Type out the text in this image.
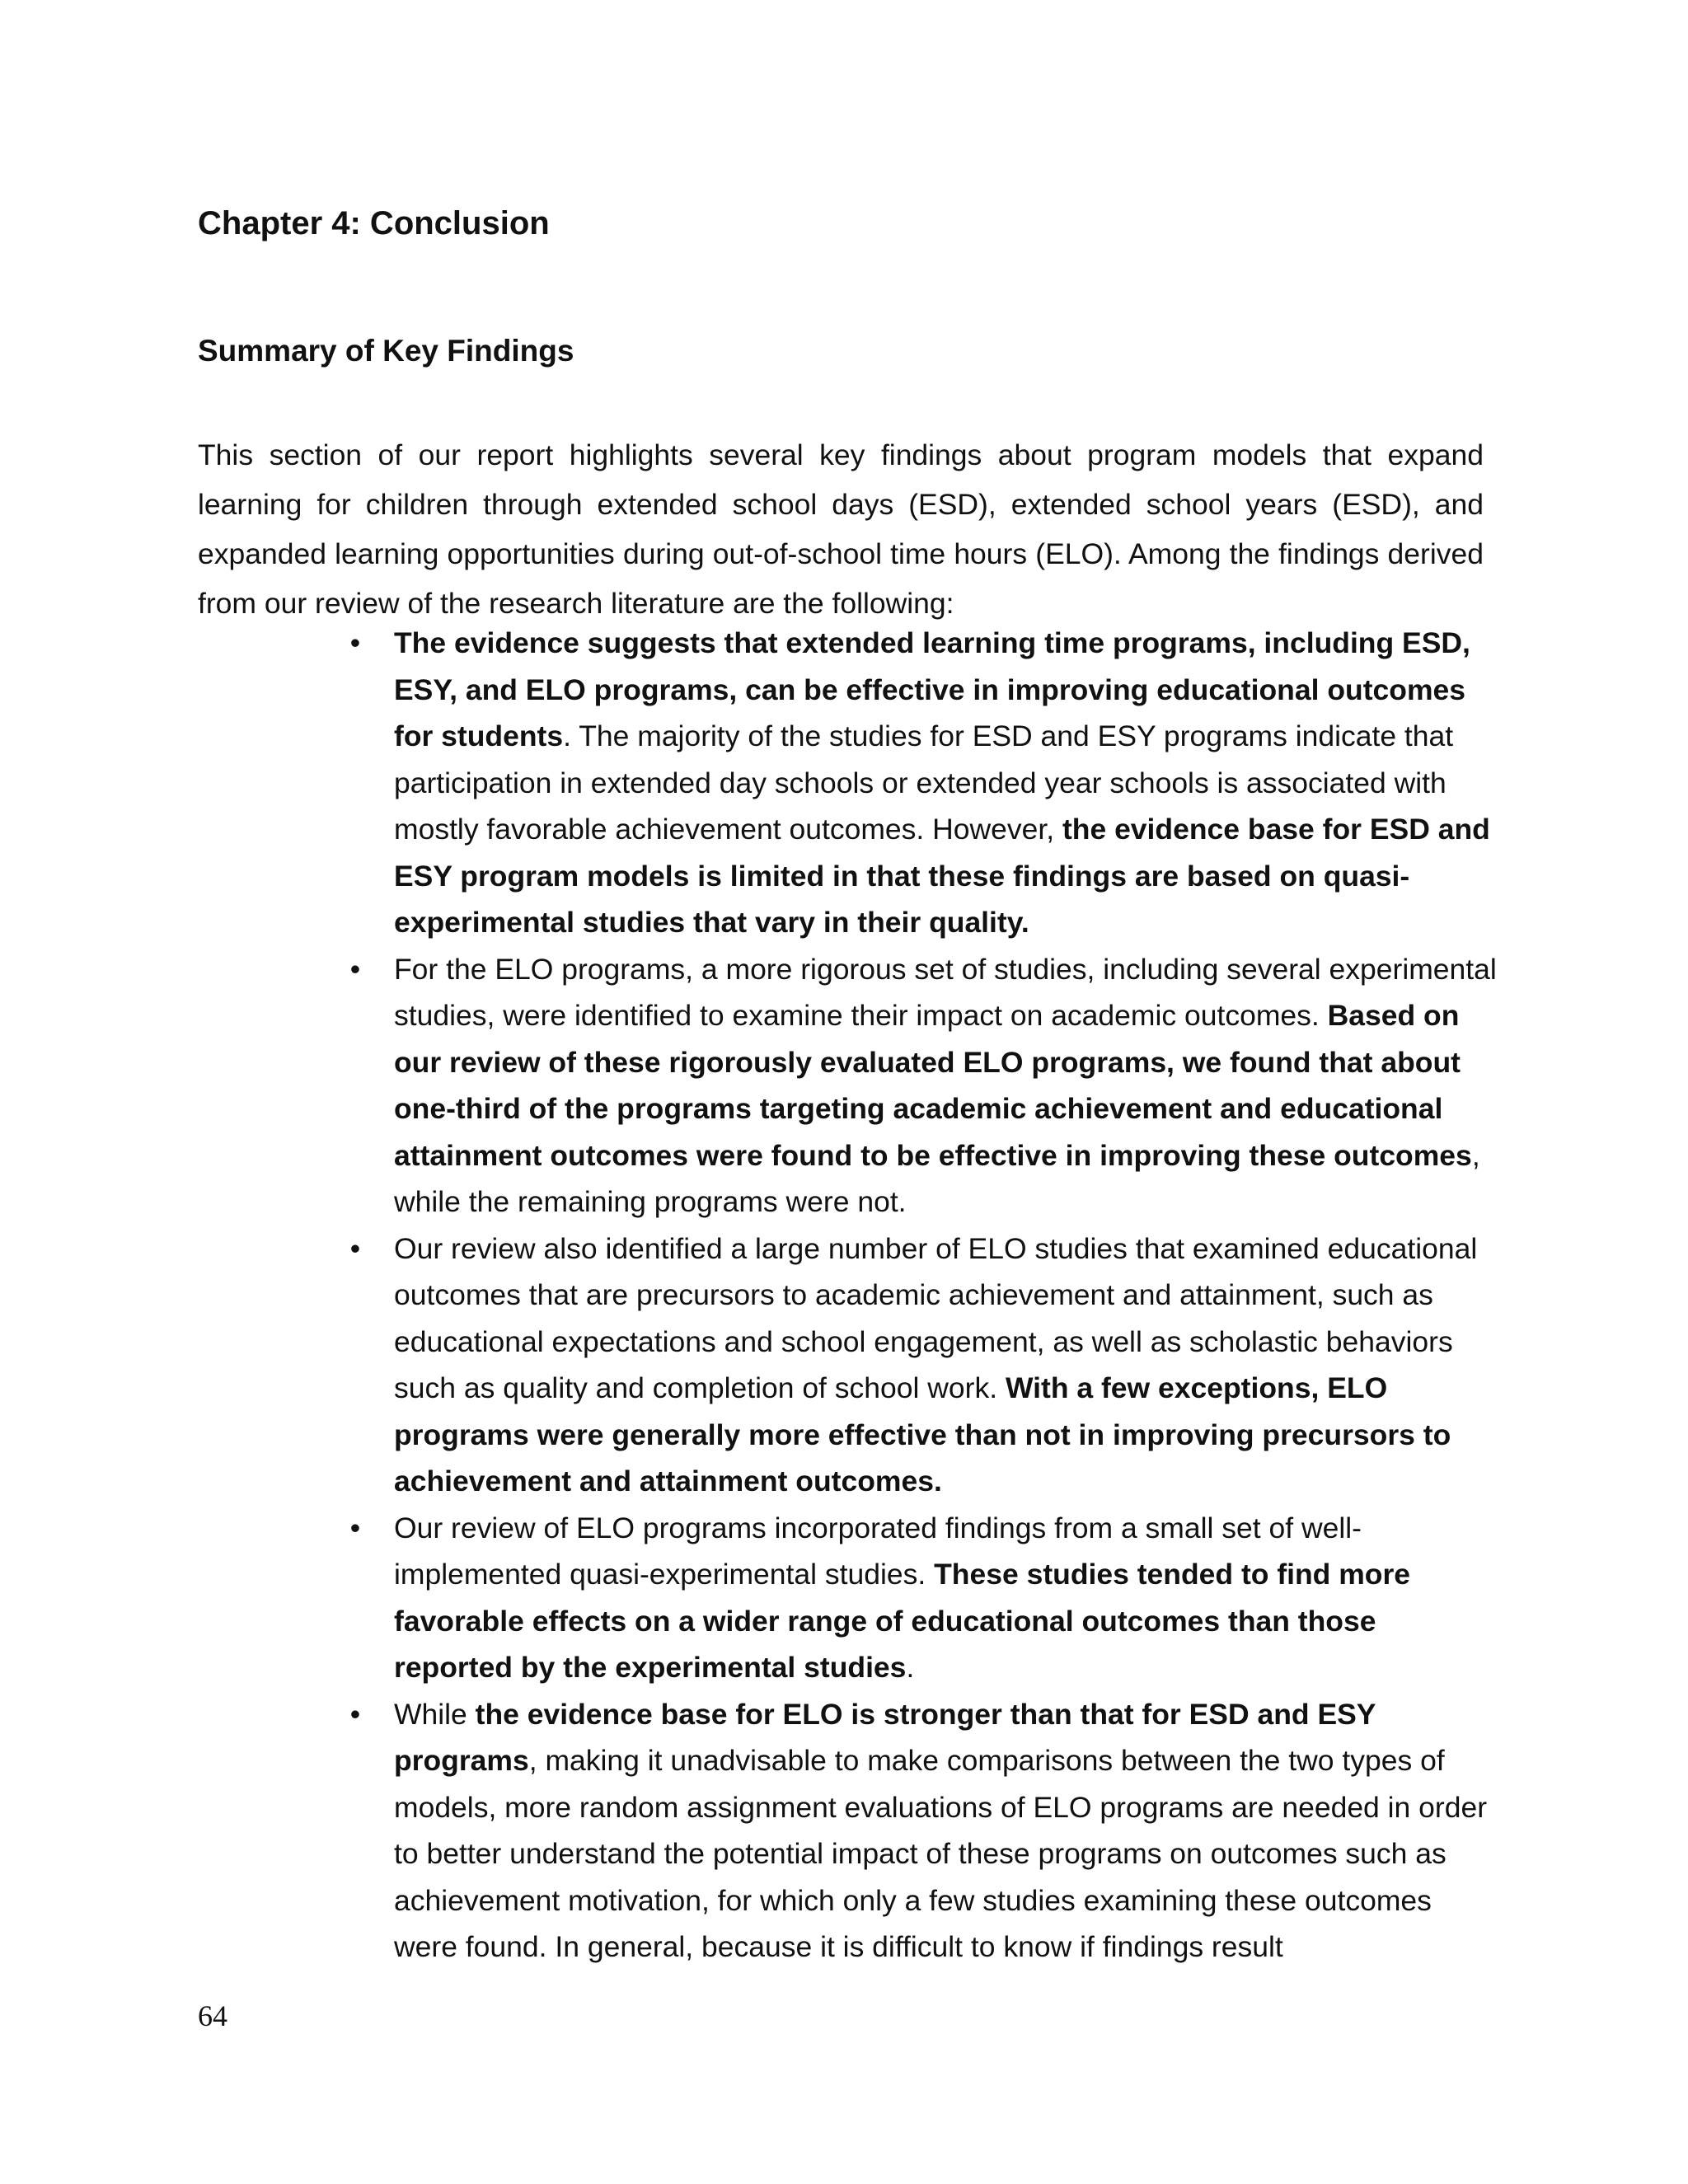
Chapter 4: Conclusion
Summary of Key Findings

This section of our report highlights several key findings about program models that expand learning for children through extended school days (ESD), extended school years (ESD), and expanded learning opportunities during out-of-school time hours (ELO). Among the findings derived from our review of the research literature are the following:

• The evidence suggests that extended learning time programs, including ESD, ESY, and ELO programs, can be effective in improving educational outcomes for students. The majority of the studies for ESD and ESY programs indicate that participation in extended day schools or extended year schools is associated with mostly favorable achievement outcomes. However, the evidence base for ESD and ESY program models is limited in that these findings are based on quasi-experimental studies that vary in their quality.
• For the ELO programs, a more rigorous set of studies, including several experimental studies, were identified to examine their impact on academic outcomes. Based on our review of these rigorously evaluated ELO programs, we found that about one-third of the programs targeting academic achievement and educational attainment outcomes were found to be effective in improving these outcomes, while the remaining programs were not.
• Our review also identified a large number of ELO studies that examined educational outcomes that are precursors to academic achievement and attainment, such as educational expectations and school engagement, as well as scholastic behaviors such as quality and completion of school work. With a few exceptions, ELO programs were generally more effective than not in improving precursors to achievement and attainment outcomes.
• Our review of ELO programs incorporated findings from a small set of well-implemented quasi-experimental studies. These studies tended to find more favorable effects on a wider range of educational outcomes than those reported by the experimental studies.
• While the evidence base for ELO is stronger than that for ESD and ESY programs, making it unadvisable to make comparisons between the two types of models, more random assignment evaluations of ELO programs are needed in order to better understand the potential impact of these programs on outcomes such as achievement motivation, for which only a few studies examining these outcomes were found. In general, because it is difficult to know if findings result
64
